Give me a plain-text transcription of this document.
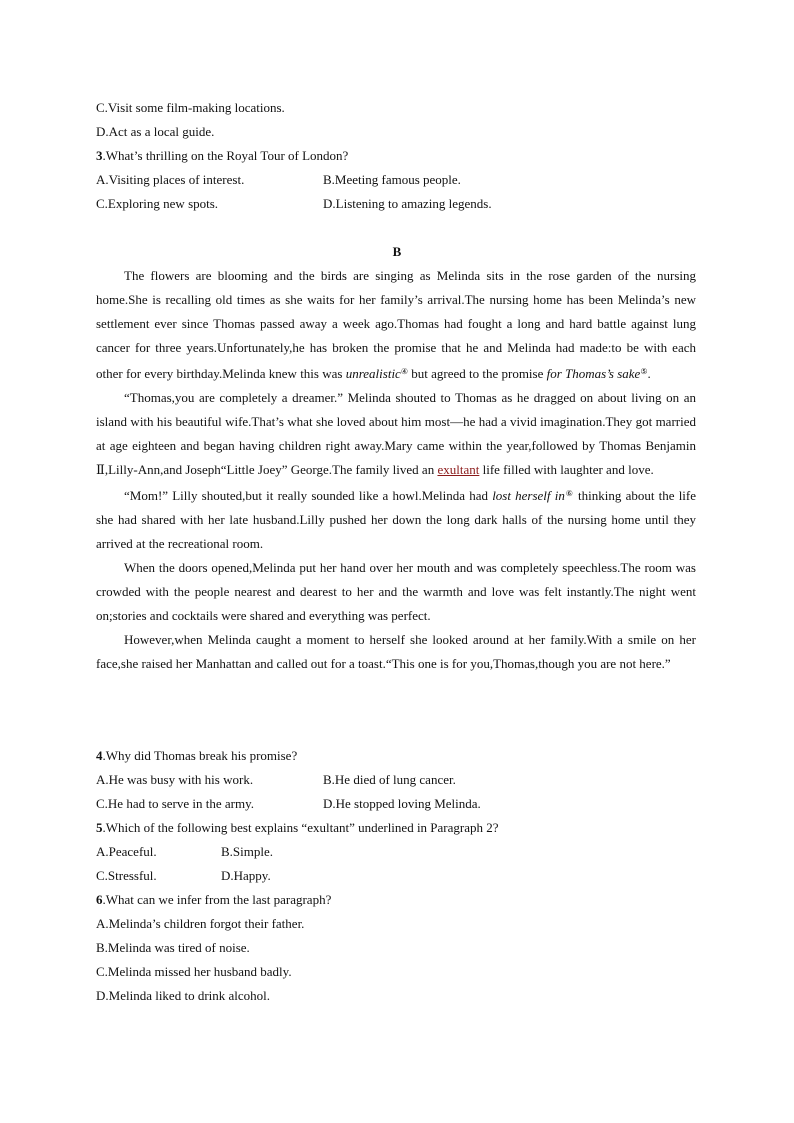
C.Visit some film-making locations.
D.Act as a local guide.
3.What’s thrilling on the Royal Tour of London?
A.Visiting places of interest.	B.Meeting famous people.
C.Exploring new spots.	D.Listening to amazing legends.
B

The flowers are blooming and the birds are singing as Melinda sits in the rose garden of the nursing home.She is recalling old times as she waits for her family’s arrival.The nursing home has been Melinda’s new settlement ever since Thomas passed away a week ago.Thomas had fought a long and hard battle against lung cancer for three years.Unfortunately,he has broken the promise that he and Melinda had made:to be with each other for every birthday.Melinda knew this was unrealistic④ but agreed to the promise for Thomas’s sake⑤.

“Thomas,you are completely a dreamer.” Melinda shouted to Thomas as he dragged on about living on an island with his beautiful wife.That’s what she loved about him most—he had a vivid imagination.They got married at age eighteen and began having children right away.Mary came within the year,followed by Thomas Benjamin Ⅱ,Lilly-Ann,and Joseph“Little Joey” George.The family lived an exultant life filled with laughter and love.

“Mom!” Lilly shouted,but it really sounded like a howl.Melinda had lost herself in⑥ thinking about the life she had shared with her late husband.Lilly pushed her down the long dark halls of the nursing home until they arrived at the recreational room.

When the doors opened,Melinda put her hand over her mouth and was completely speechless.The room was crowded with the people nearest and dearest to her and the warmth and love was felt instantly.The night went on;stories and cocktails were shared and everything was perfect.

However,when Melinda caught a moment to herself she looked around at her family.With a smile on her face,she raised her Manhattan and called out for a toast.“This one is for you,Thomas,though you are not here.”

4.Why did Thomas break his promise?
A.He was busy with his work.	B.He died of lung cancer.
C.He had to serve in the army.	D.He stopped loving Melinda.
5.Which of the following best explains “exultant” underlined in Paragraph 2?
A.Peaceful.	B.Simple.
C.Stressful.	D.Happy.
6.What can we infer from the last paragraph?
A.Melinda’s children forgot their father.
B.Melinda was tired of noise.
C.Melinda missed her husband badly.
D.Melinda liked to drink alcohol.
